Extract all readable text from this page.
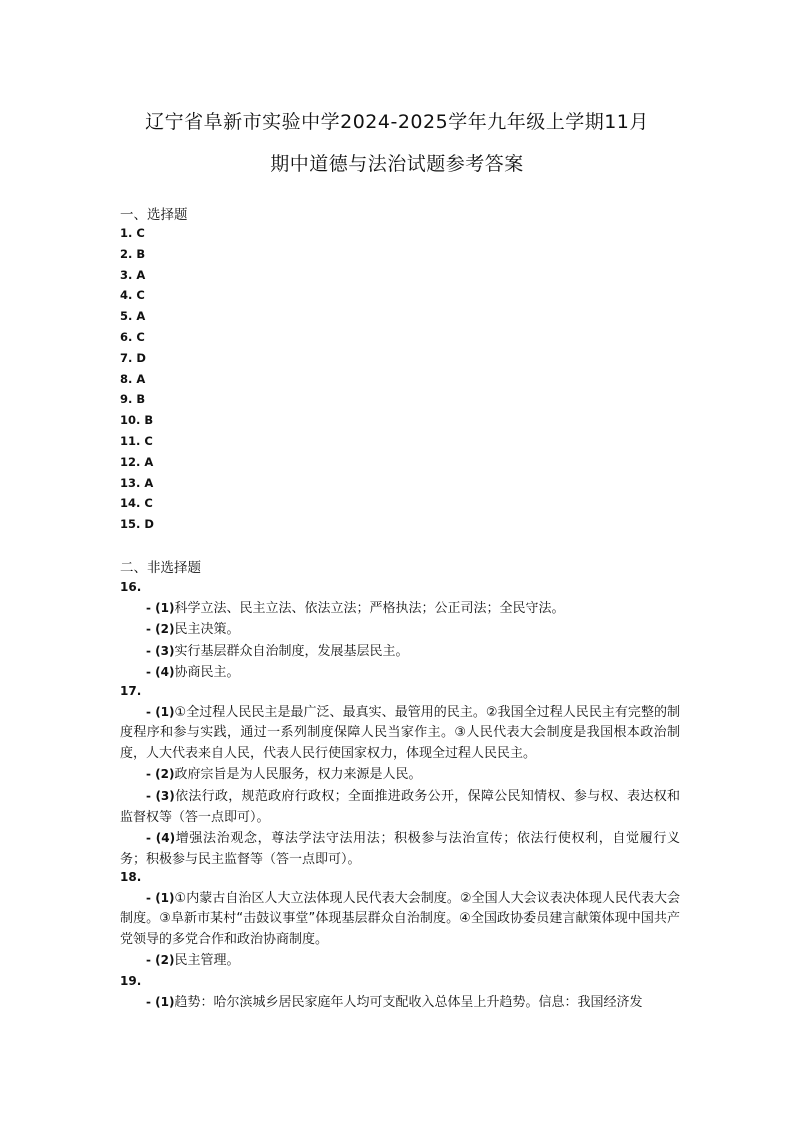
辽宁省阜新市实验中学2024-2025学年九年级上学期11月
期中道德与法治试题参考答案
一、选择题
1. C
2. B
3. A
4. C
5. A
6. C
7. D
8. A
9. B
10. B
11. C
12. A
13. A
14. C
15. D
二、非选择题
16.
- (1)科学立法、民主立法、依法立法；严格执法；公正司法；全民守法。
- (2)民主决策。
- (3)实行基层群众自治制度，发展基层民主。
- (4)协商民主。
17.
- (1)①全过程人民民主是最广泛、最真实、最管用的民主。②我国全过程人民民主有完整的制度程序和参与实践，通过一系列制度保障人民当家作主。③人民代表大会制度是我国根本政治制度，人大代表来自人民，代表人民行使国家权力，体现全过程人民民主。
- (2)政府宗旨是为人民服务，权力来源是人民。
- (3)依法行政，规范政府行政权；全面推进政务公开，保障公民知情权、参与权、表达权和监督权等（答一点即可）。
- (4)增强法治观念，尊法学法守法用法；积极参与法治宣传；依法行使权利，自觉履行义务；积极参与民主监督等（答一点即可）。
18.
- (1)①内蒙古自治区人大立法体现人民代表大会制度。②全国人大会议表决体现人民代表大会制度。③阜新市某村“击鼓议事堂”体现基层群众自治制度。④全国政协委员建言献策体现中国共产党领导的多党合作和政治协商制度。
- (2)民主管理。
19.
- (1)趋势：哈尔滨城乡居民家庭年人均可支配收入总体呈上升趋势。信息：我国经济发
